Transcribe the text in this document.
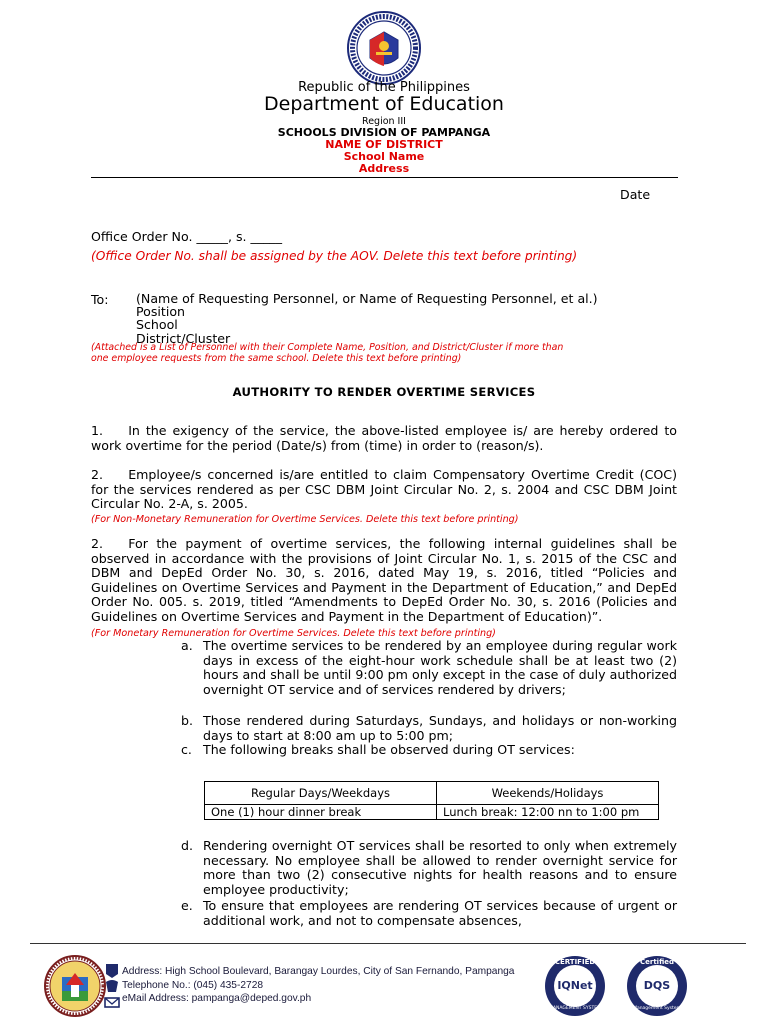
Republic of the Philippines
Department of Education
Region III
SCHOOLS DIVISION OF PAMPANGA
NAME OF DISTRICT
School Name
Address
Date
Office Order No. _____, s. _____
(Office Order No. shall be assigned by the AOV. Delete this text before printing)
To: (Name of Requesting Personnel, or Name of Requesting Personnel, et al.)
Position
School
District/Cluster
(Attached is a List of Personnel with their Complete Name, Position, and District/Cluster if more than
one employee requests from the same school. Delete this text before printing)
AUTHORITY TO RENDER OVERTIME SERVICES
1.  In the exigency of the service, the above-listed employee is/ are hereby ordered to work overtime for the period (Date/s) from (time) in order to (reason/s).
2.  Employee/s concerned is/are entitled to claim Compensatory Overtime Credit (COC) for the services rendered as per CSC DBM Joint Circular No. 2, s. 2004 and CSC DBM Joint Circular No. 2-A, s. 2005.
(For Non-Monetary Remuneration for Overtime Services. Delete this text before printing)
2.  For the payment of overtime services, the following internal guidelines shall be observed in accordance with the provisions of Joint Circular No. 1, s. 2015 of the CSC and DBM and DepEd Order No. 30, s. 2016, dated May 19, s. 2016, titled “Policies and Guidelines on Overtime Services and Payment in the Department of Education,” and DepEd Order No. 005. s. 2019, titled “Amendments to DepEd Order No. 30, s. 2016 (Policies and Guidelines on Overtime Services and Payment in the Department of Education)”.
(For Monetary Remuneration for Overtime Services. Delete this text before printing)
a. The overtime services to be rendered by an employee during regular work days in excess of the eight-hour work schedule shall be at least two (2) hours and shall be until 9:00 pm only except in the case of duly authorized overnight OT service and of services rendered by drivers;
b. Those rendered during Saturdays, Sundays, and holidays or non-working days to start at 8:00 am up to 5:00 pm;
c. The following breaks shall be observed during OT services:
Regular Days/Weekdays	Weekends/Holidays
One (1) hour dinner break	Lunch break: 12:00 nn to 1:00 pm
d. Rendering overnight OT services shall be resorted to only when extremely necessary. No employee shall be allowed to render overnight service for more than two (2) consecutive nights for health reasons and to ensure employee productivity;
e. To ensure that employees are rendering OT services because of urgent or additional work, and not to compensate absences,
Address: High School Boulevard, Barangay Lourdes, City of San Fernando, Pampanga
Telephone No.: (045) 435-2728
eMail Address: pampanga@deped.gov.ph
CERTIFIED
IQNet
MANAGEMENT SYSTEM
Certified
DQS
Management System
